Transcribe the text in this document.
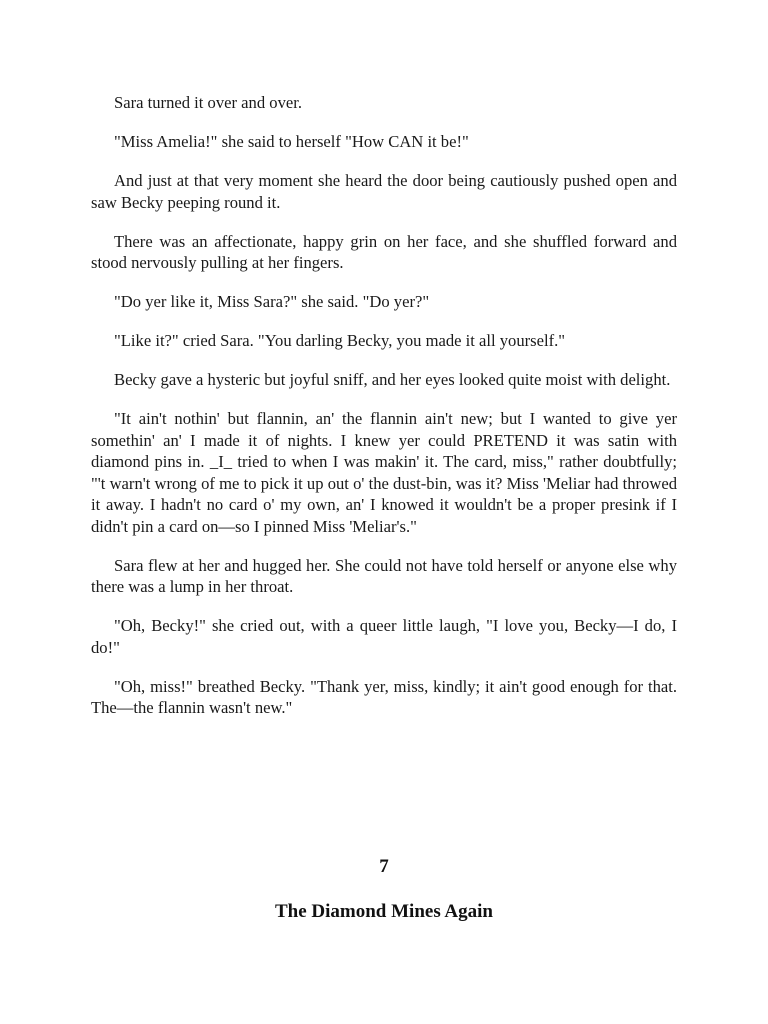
Sara turned it over and over.

"Miss Amelia!" she said to herself "How CAN it be!"

And just at that very moment she heard the door being cautiously pushed open and saw Becky peeping round it.

There was an affectionate, happy grin on her face, and she shuffled forward and stood nervously pulling at her fingers.

"Do yer like it, Miss Sara?" she said. "Do yer?"

"Like it?" cried Sara. "You darling Becky, you made it all yourself."

Becky gave a hysteric but joyful sniff, and her eyes looked quite moist with delight.

"It ain't nothin' but flannin, an' the flannin ain't new; but I wanted to give yer somethin' an' I made it of nights. I knew yer could PRETEND it was satin with diamond pins in. _I_ tried to when I was makin' it. The card, miss," rather doubtfully; "'t warn't wrong of me to pick it up out o' the dust-bin, was it? Miss 'Meliar had throwed it away. I hadn't no card o' my own, an' I knowed it wouldn't be a proper presink if I didn't pin a card on—so I pinned Miss 'Meliar's."

Sara flew at her and hugged her. She could not have told herself or anyone else why there was a lump in her throat.

"Oh, Becky!" she cried out, with a queer little laugh, "I love you, Becky—I do, I do!"

"Oh, miss!" breathed Becky. "Thank yer, miss, kindly; it ain't good enough for that. The—the flannin wasn't new."

7
The Diamond Mines Again
